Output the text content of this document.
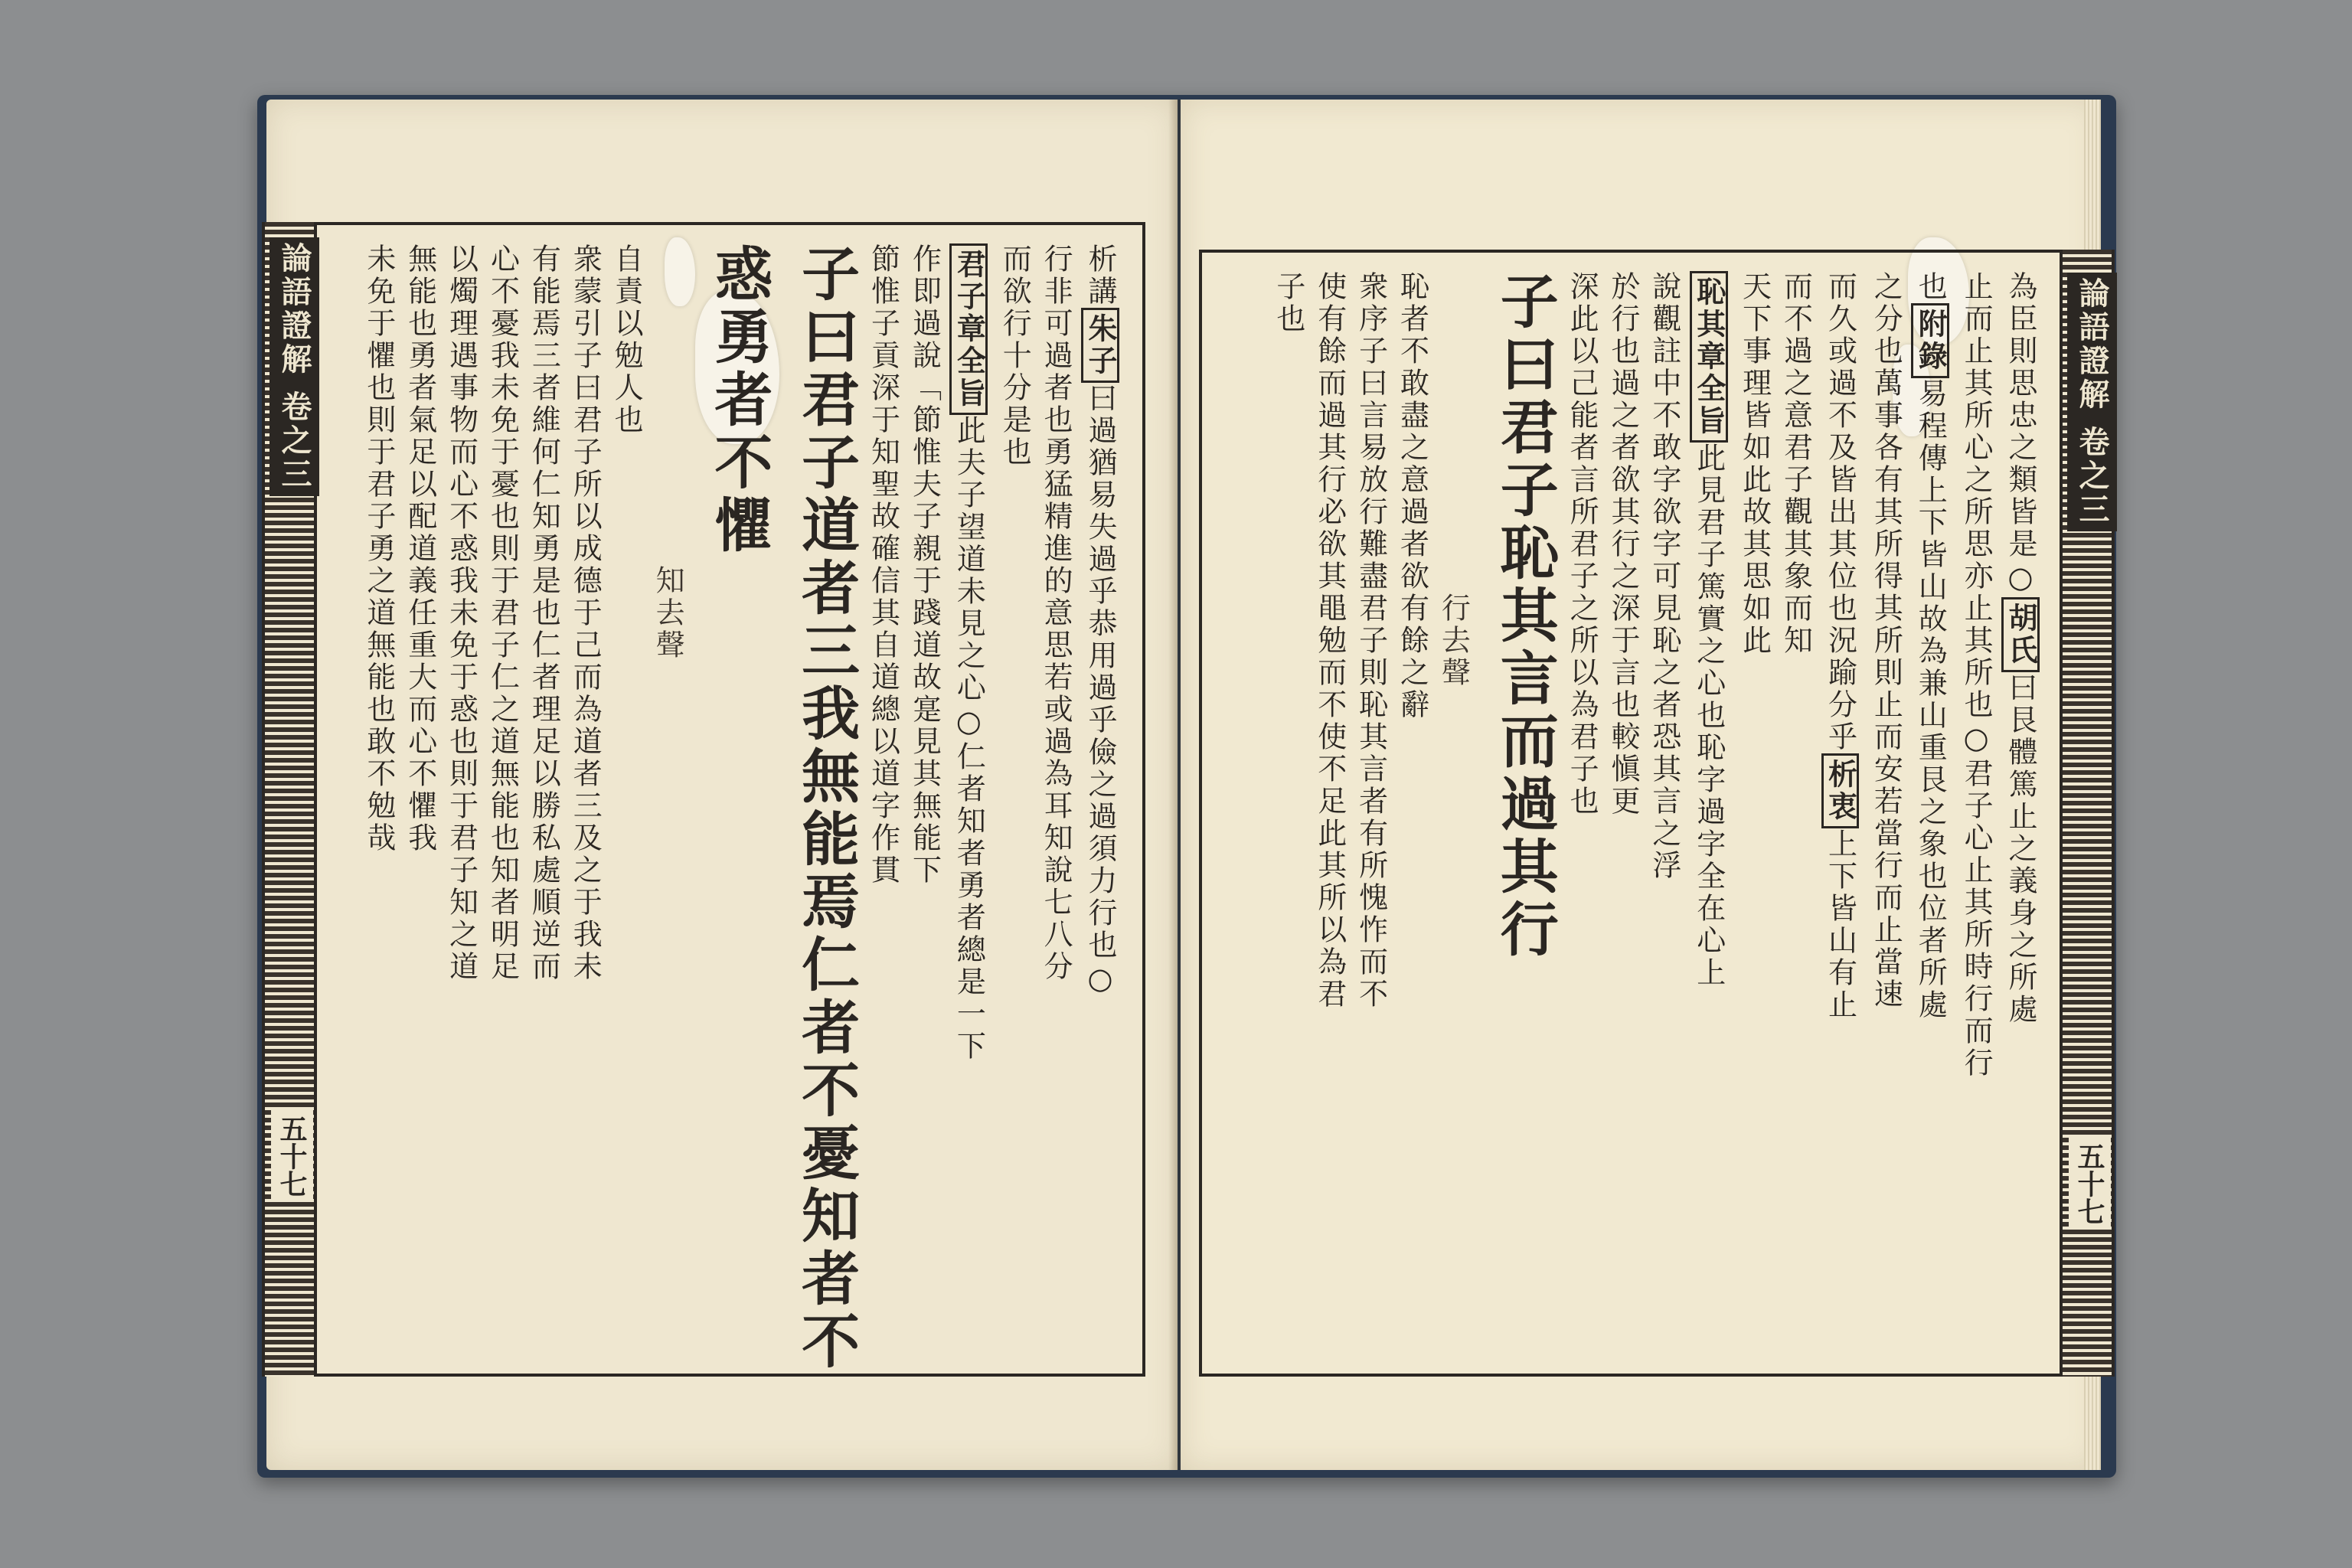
論語證解 卷之三
五十七
析講朱子曰過猶易失過乎恭用過乎儉之過須力行也○
行非可過者也勇猛精進的意思若或過為耳知說七八分
而欲行十分是也
君子章全旨此夫子望道未見之心○仁者知者勇者總是一下
作即過說「節惟夫子親于踐道故寔見其無能下
節惟子貢深于知聖故確信其自道總以道字作貫
子曰君子道者三我無能焉仁者不憂知者不
惑勇者不懼
知去聲
自責以勉人也
衆蒙引子曰君子所以成德于己而為道者三及之于我未
有能焉三者維何仁知勇是也仁者理足以勝私處順逆而
心不憂我未免于憂也則于君子仁之道無能也知者明足
以燭理遇事物而心不惑我未免于惑也則于君子知之道
無能也勇者氣足以配道義任重大而心不懼我
未免于懼也則于君子勇之道無能也敢不勉哉	論語證解 卷之三
五十七
為臣則思忠之類皆是○胡氏曰艮體篤止之義身之所處
止而止其所心之所思亦止其所也○君子心止其所時行而行
也附錄易程傳上下皆山故為兼山重艮之象也位者所處
之分也萬事各有其所得其所則止而安若當行而止當速
而久或過不及皆出其位也況踰分乎析衷上下皆山有止
而不過之意君子觀其象而知
天下事理皆如此故其思如此
恥其章全旨此見君子篤實之心也恥字過字全在心上
說觀註中不敢字欲字可見恥之者恐其言之浮
於行也過之者欲其行之深于言也較愼更
深此以己能者言所君子之所以為君子也
子曰君子恥其言而過其行
行去聲
恥者不敢盡之意過者欲有餘之辭
衆序子曰言易放行難盡君子則恥其言者有所愧怍而不
使有餘而過其行必欲其黽勉而不使不足此其所以為君
子也
